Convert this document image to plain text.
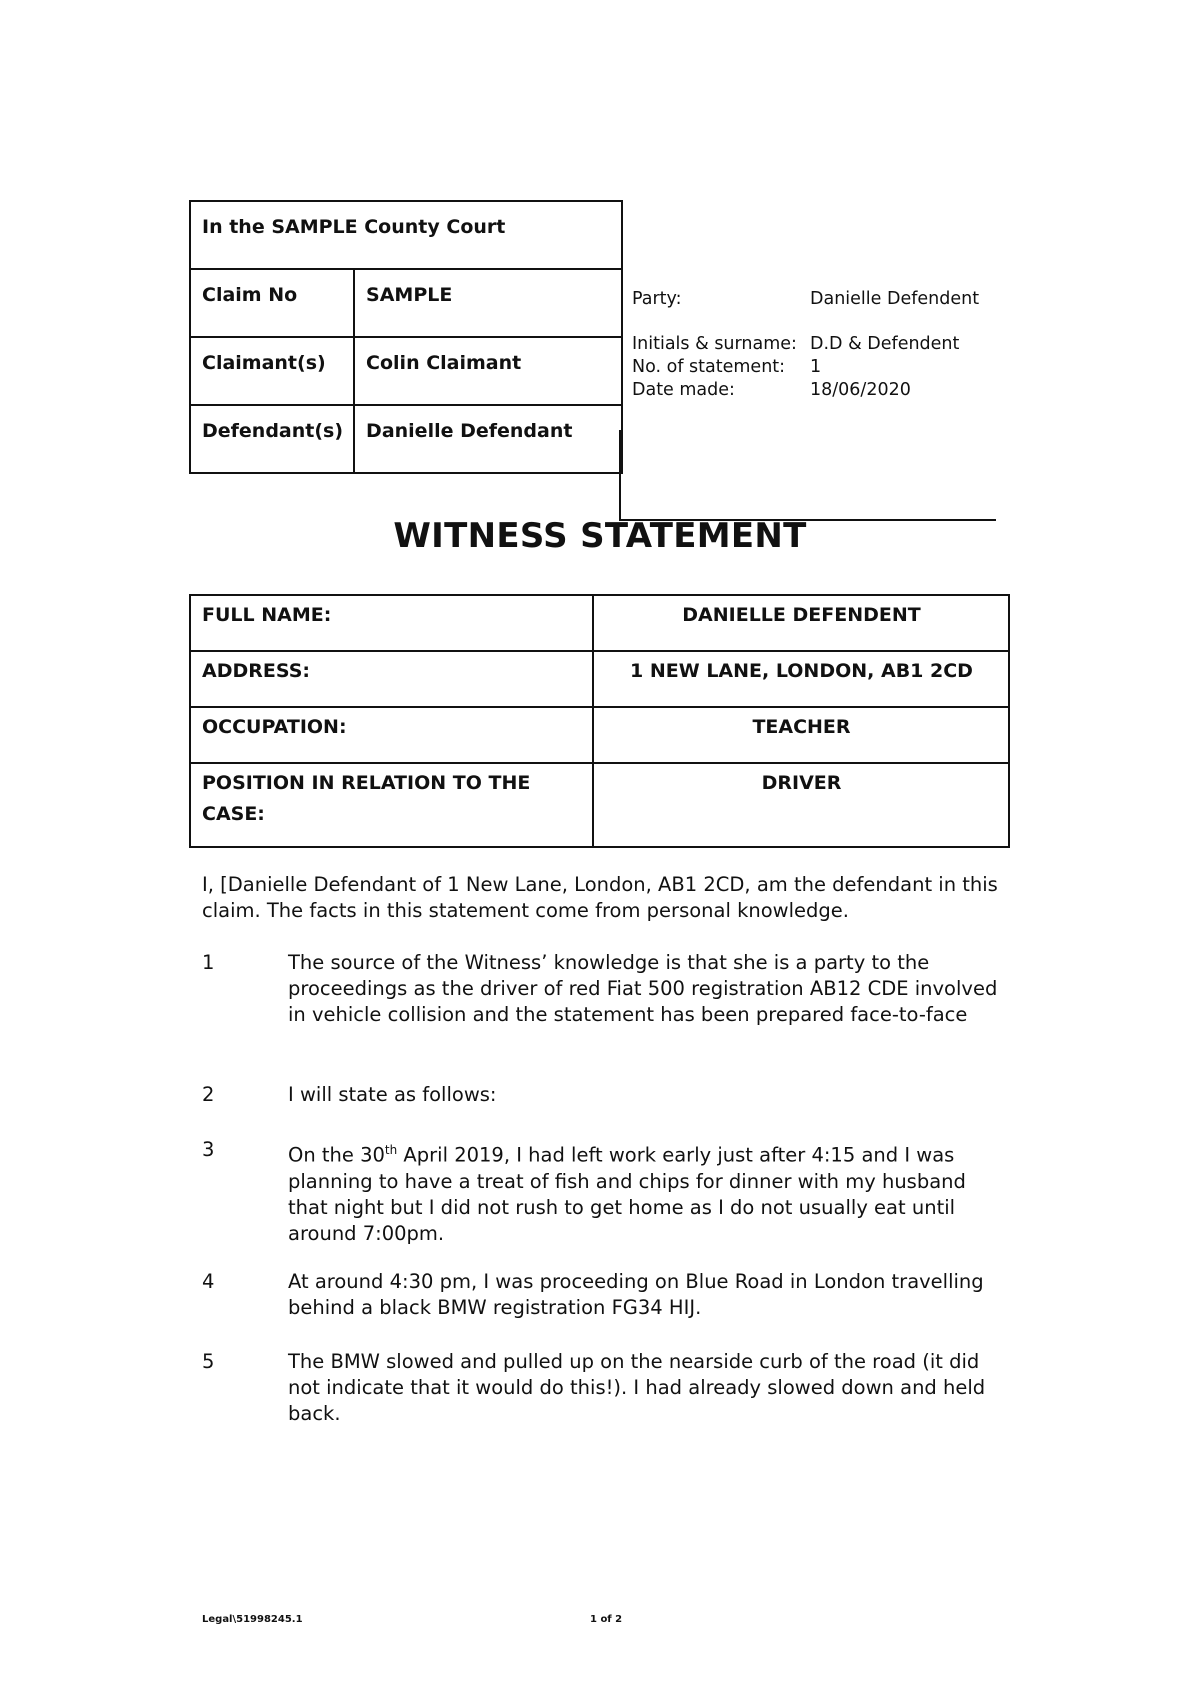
In the SAMPLE County Court	
Claim No	SAMPLE
Claimant(s)	Colin Claimant
Defendant(s)	Danielle Defendant
Party:	Danielle Defendent
Initials & surname: D.D & Defendent
No. of statement:	1
Date made:	18/06/2020
WITNESS STATEMENT
FULL NAME:	DANIELLE DEFENDENT
ADDRESS:	1 NEW LANE, LONDON, AB1 2CD
OCCUPATION:	TEACHER
POSITION IN RELATION TO THE CASE:	DRIVER
I, [Danielle Defendant of 1 New Lane, London, AB1 2CD, am the defendant in this claim. The facts in this statement come from personal knowledge.
1	The source of the Witness’ knowledge is that she is a party to the proceedings as the driver of red Fiat 500 registration AB12 CDE involved in vehicle collision and the statement has been prepared face-to-face
2	I will state as follows:
3	On the 30th April 2019, I had left work early just after 4:15 and I was planning to have a treat of fish and chips for dinner with my husband that night but I did not rush to get home as I do not usually eat until around 7:00pm.
4	At around 4:30 pm, I was proceeding on Blue Road in London travelling behind a black BMW registration FG34 HIJ.
5	The BMW slowed and pulled up on the nearside curb of the road (it did not indicate that it would do this!). I had already slowed down and held back.
Legal\51998245.1	1 of 2
